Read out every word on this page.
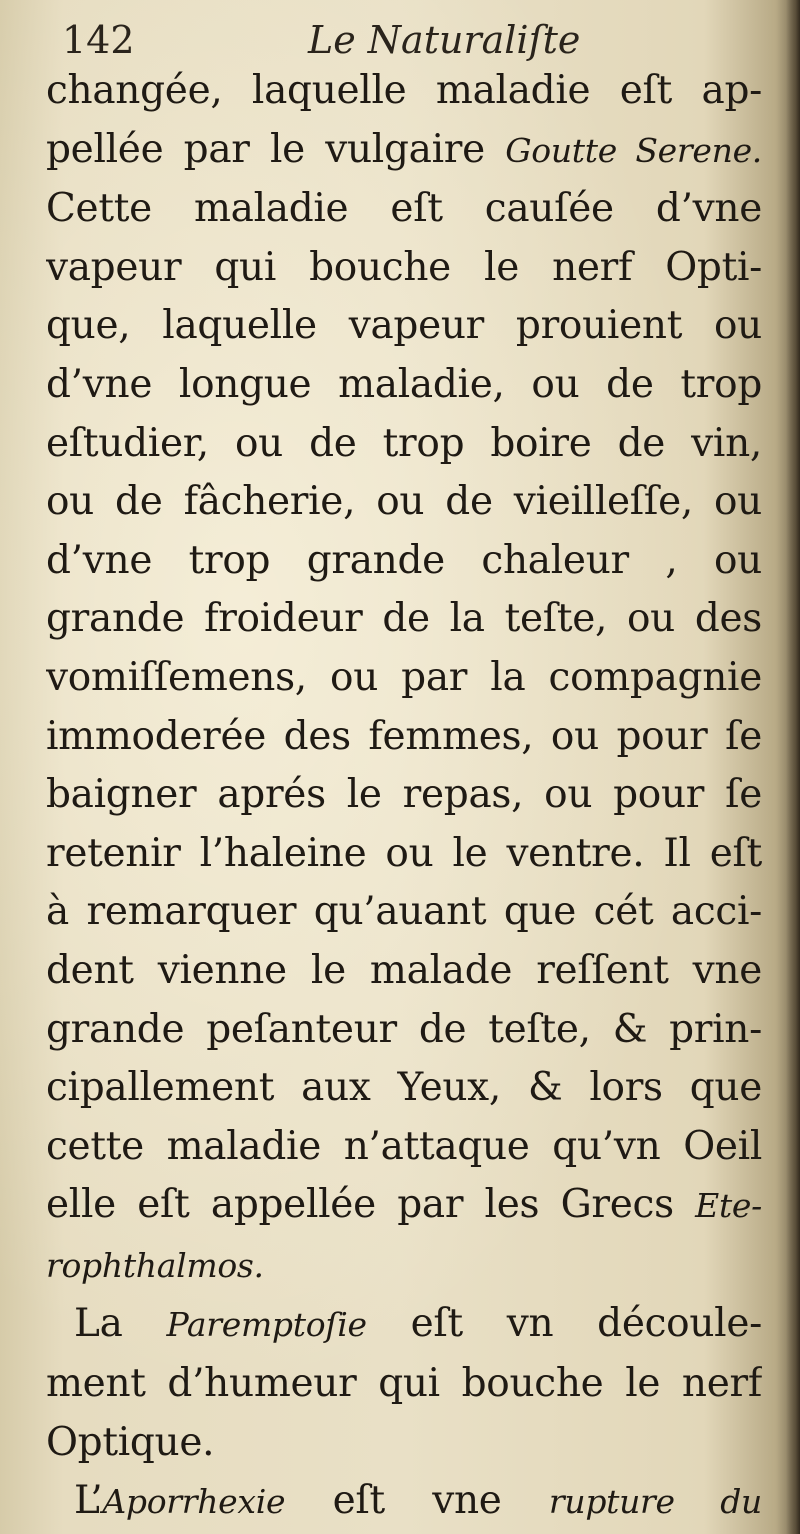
142	Le Naturaliſte
changée, laquelle maladie eſt ap-
pellée par le vulgaire Goutte Serene.
Cette maladie eſt cauſée d’vne
vapeur qui bouche le nerf Opti-
que, laquelle vapeur prouient ou
d’vne longue maladie, ou de trop
eſtudier, ou de trop boire de vin,
ou de fâcherie, ou de vieilleſſe, ou
d’vne trop grande chaleur , ou
grande froideur de la teſte, ou des
vomiſſemens, ou par la compagnie
immoderée des femmes, ou pour ſe
baigner aprés le repas, ou pour ſe
retenir l’haleine ou le ventre. Il eſt
à remarquer qu’auant que cét acci-
dent vienne le malade reſſent vne
grande peſanteur de teſte, & prin-
cipallement aux Yeux, & lors que
cette maladie n’attaque qu’vn Oeil
elle eſt appellée par les Grecs Ete-
rophthalmos.
La Paremptoſie eſt vn découle-
ment d’humeur qui bouche le nerf
Optique.
L’Aporrhexie eſt vne rupture du
